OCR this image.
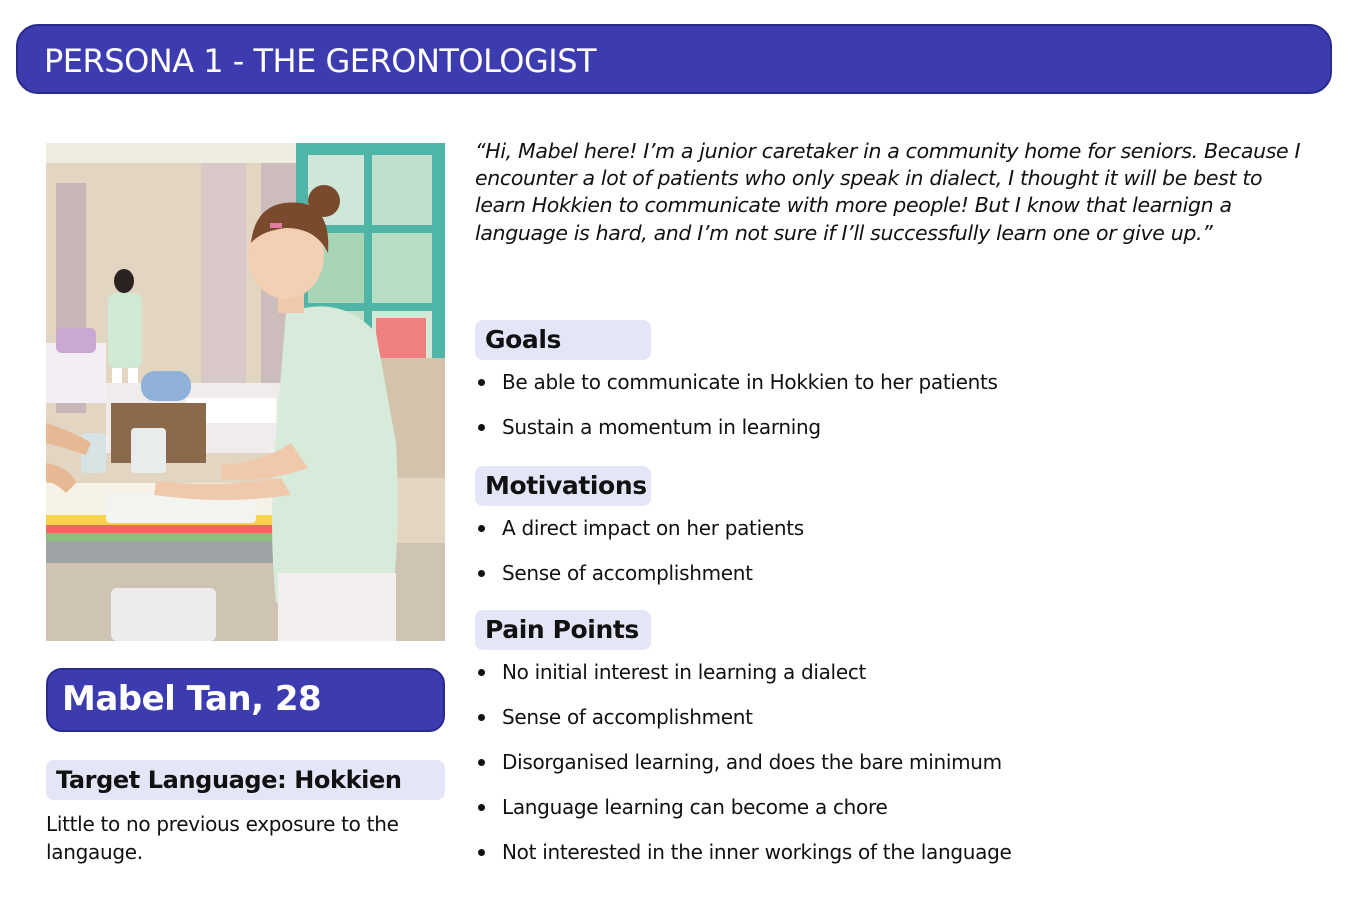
PERSONA 1 - THE GERONTOLOGIST
Mabel Tan, 28
Target Language: Hokkien
Little to no previous exposure to the langauge.
“Hi, Mabel here! I’m a junior caretaker in a community home for seniors. Because I encounter a lot of patients who only speak in dialect, I thought it will be best to learn Hokkien to communicate with more people! But I know that learnign a language is hard, and I’m not sure if I’ll successfully learn one or give up.”
Goals
Be able to communicate in Hokkien to her patients
Sustain a momentum in learning
Motivations
A direct impact on her patients
Sense of accomplishment
Pain Points
No initial interest in learning a dialect
Sense of accomplishment
Disorganised learning, and does the bare minimum
Language learning can become a chore
Not interested in the inner workings of the language
